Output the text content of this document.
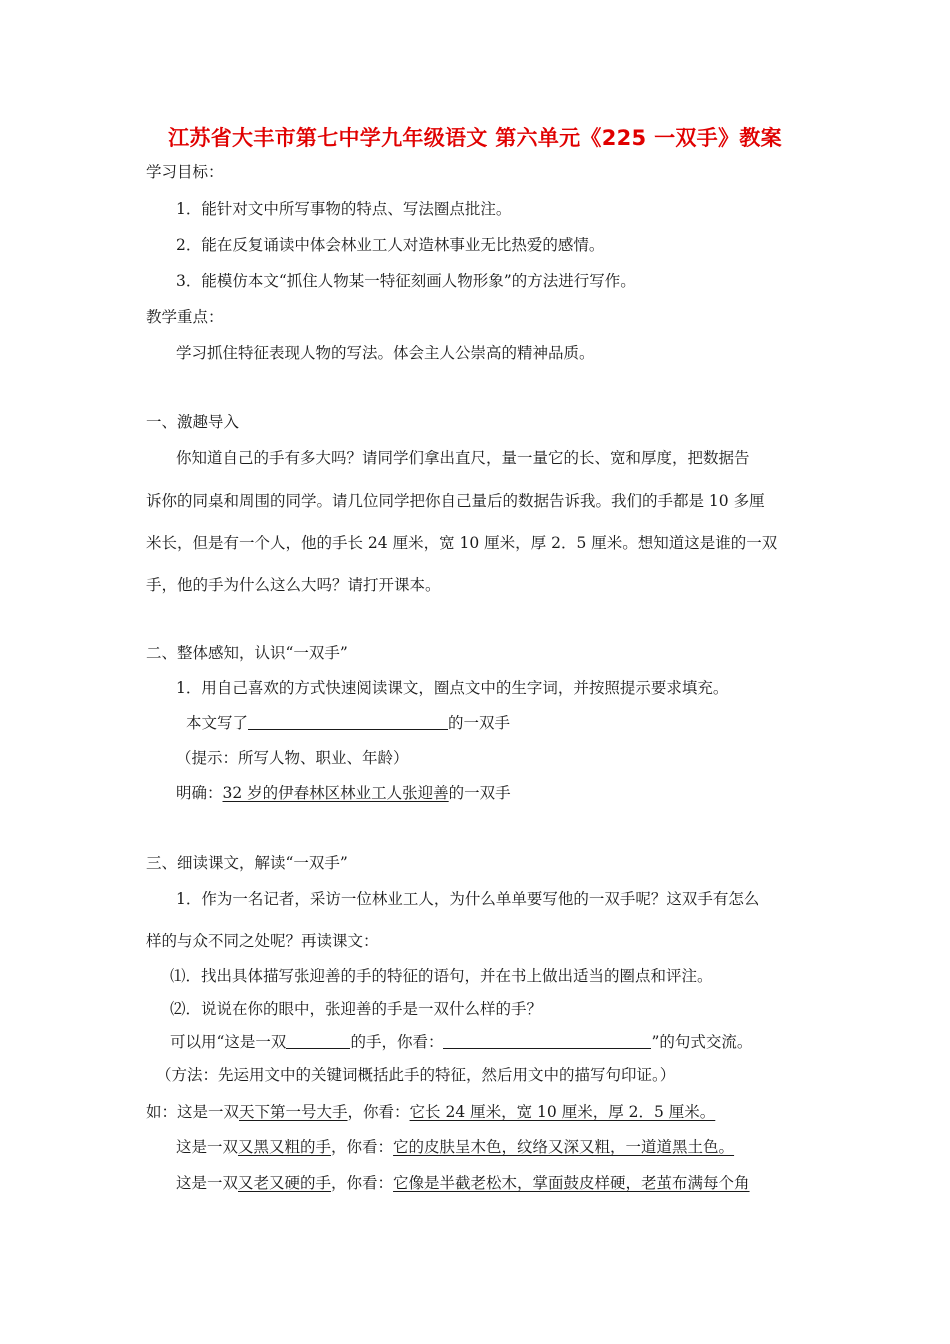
江苏省大丰市第七中学九年级语文 第六单元《225 一双手》教案
学习目标：
1．能针对文中所写事物的特点、写法圈点批注。
2．能在反复诵读中体会林业工人对造林事业无比热爱的感情。
3．能模仿本文“抓住人物某一特征刻画人物形象”的方法进行写作。
教学重点：
学习抓住特征表现人物的写法。体会主人公崇高的精神品质。
一、激趣导入
你知道自己的手有多大吗？请同学们拿出直尺，量一量它的长、宽和厚度，把数据告
诉你的同桌和周围的同学。请几位同学把你自己量后的数据告诉我。我们的手都是 10 多厘
米长，但是有一个人，他的手长 24 厘米，宽 10 厘米，厚 2．5 厘米。想知道这是谁的一双
手，他的手为什么这么大吗？请打开课本。
二、整体感知，认识“一双手”
1．用自己喜欢的方式快速阅读课文，圈点文中的生字词，并按照提示要求填充。
本文写了	的一双手
（提示：所写人物、职业、年龄）
明确：32 岁的伊春林区林业工人张迎善的一双手
三、细读课文，解读“一双手”
1．作为一名记者，采访一位林业工人，为什么单单要写他的一双手呢？这双手有怎么
样的与众不同之处呢？再读课文：
⑴．找出具体描写张迎善的手的特征的语句，并在书上做出适当的圈点和评注。
⑵．说说在你的眼中，张迎善的手是一双什么样的手？
可以用“这是一双	的手，你看：	”的句式交流。
（方法：先运用文中的关键词概括此手的特征，然后用文中的描写句印证。）
如：这是一双天下第一号大手，你看：它长 24 厘米，宽 10 厘米，厚 2．5 厘米。
这是一双又黑又粗的手，你看：它的皮肤呈木色，纹络又深又粗，一道道黑土色。
这是一双又老又硬的手，你看：它像是半截老松木，掌面鼓皮样硬，老茧布满每个角
